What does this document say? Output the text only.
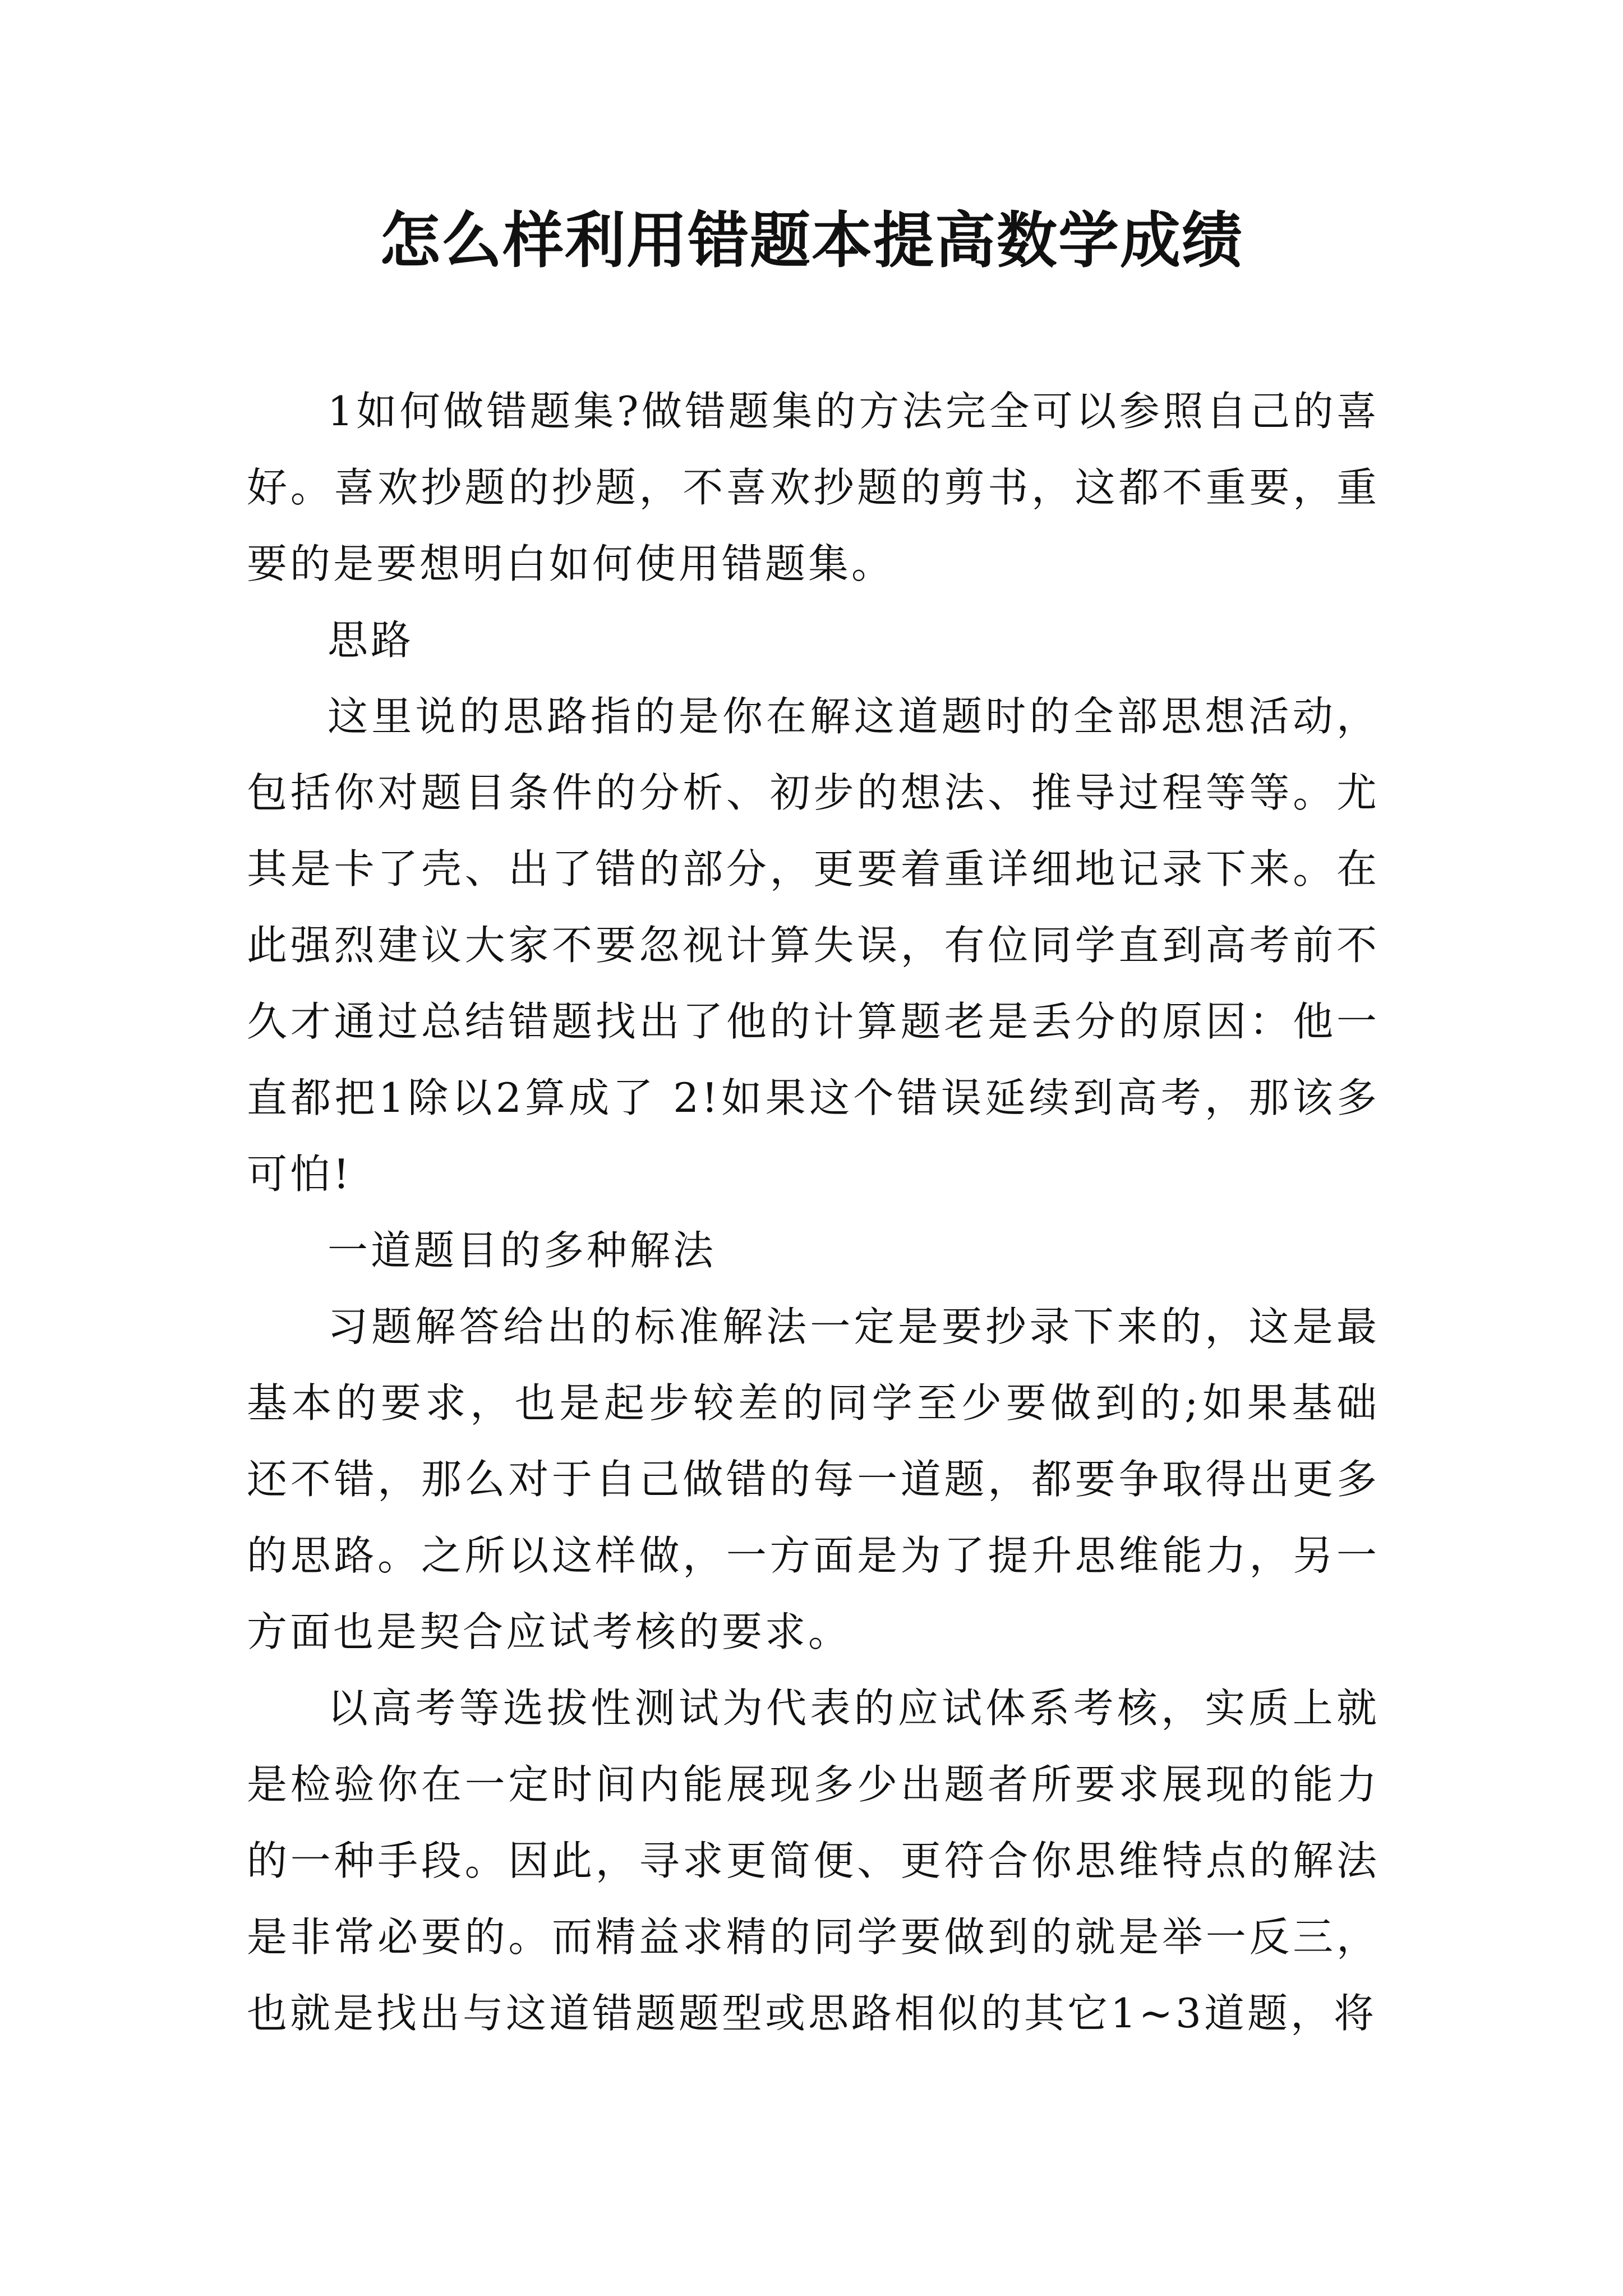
怎么样利用错题本提高数学成绩

1如何做错题集?做错题集的方法完全可以参照自己的喜好。喜欢抄题的抄题，不喜欢抄题的剪书，这都不重要，重要的是要想明白如何使用错题集。

思路

这里说的思路指的是你在解这道题时的全部思想活动，包括你对题目条件的分析、初步的想法、推导过程等等。尤其是卡了壳、出了错的部分，更要着重详细地记录下来。在此强烈建议大家不要忽视计算失误，有位同学直到高考前不久才通过总结错题找出了他的计算题老是丢分的原因：他一直都把1除以2算成了 2!如果这个错误延续到高考，那该多可怕!

一道题目的多种解法

习题解答给出的标准解法一定是要抄录下来的，这是最基本的要求，也是起步较差的同学至少要做到的;如果基础还不错，那么对于自己做错的每一道题，都要争取得出更多的思路。之所以这样做，一方面是为了提升思维能力，另一方面也是契合应试考核的要求。

以高考等选拔性测试为代表的应试体系考核，实质上就是检验你在一定时间内能展现多少出题者所要求展现的能力的一种手段。因此，寻求更简便、更符合你思维特点的解法是非常必要的。而精益求精的同学要做到的就是举一反三，也就是找出与这道错题题型或思路相似的其它1~3道题，将
